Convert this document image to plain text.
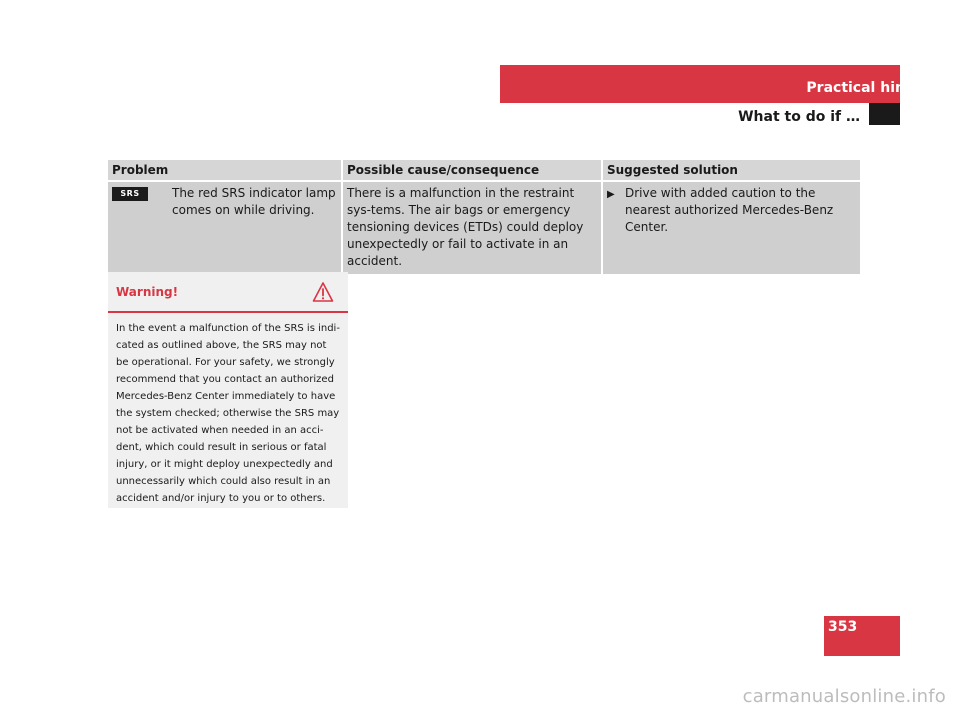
Practical hints
What to do if …
Problem	Possible cause/consequence	Suggested solution

SRS The red SRS indicator lamp comes on while driving.	There is a malfunction in the restraint sys-tems. The air bags or emergency tensioning devices (ETDs) could deploy unexpectedly or fail to activate in an accident.	▶ Drive with added caution to the nearest authorized Mercedes-Benz Center.
Warning!
In the event a malfunction of the SRS is indi-cated as outlined above, the SRS may not be operational. For your safety, we strongly recommend that you contact an authorized Mercedes-Benz Center immediately to have the system checked; otherwise the SRS may not be activated when needed in an acci-dent, which could result in serious or fatal injury, or it might deploy unexpectedly and unnecessarily which could also result in an accident and/or injury to you or to others.
353
carmanualsonline.info
